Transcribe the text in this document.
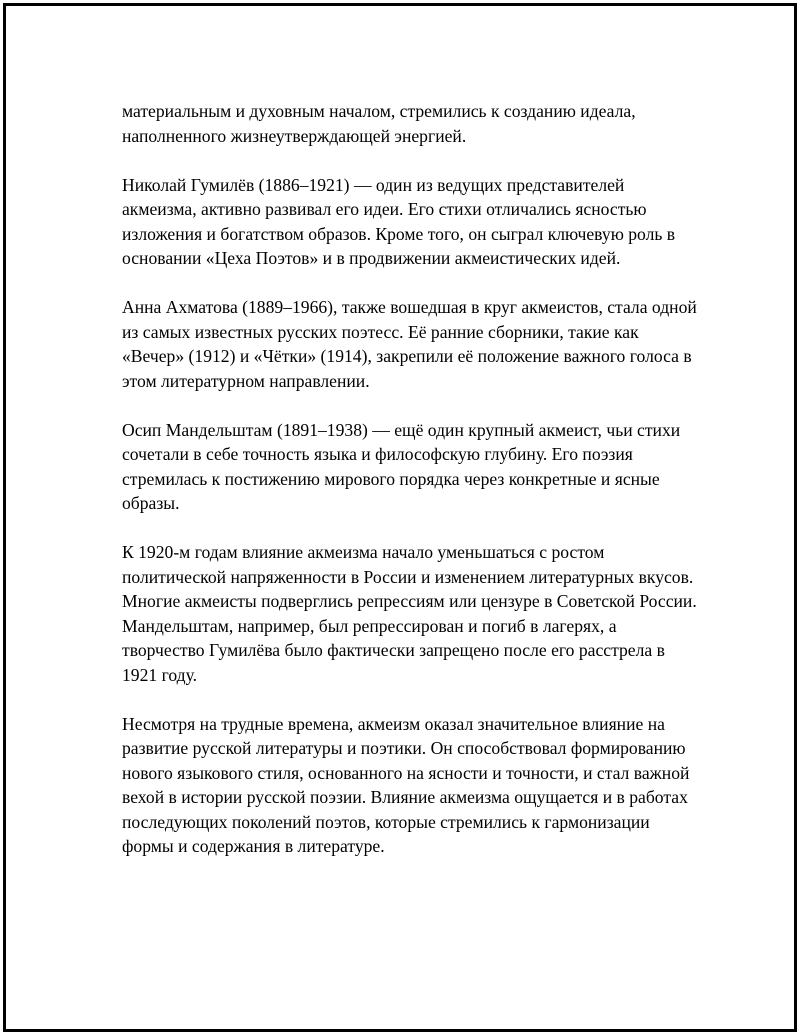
материальным и духовным началом, стремились к созданию идеала, наполненного жизнеутверждающей энергией.

Николай Гумилёв (1886–1921) — один из ведущих представителей акмеизма, активно развивал его идеи. Его стихи отличались ясностью изложения и богатством образов. Кроме того, он сыграл ключевую роль в основании «Цеха Поэтов» и в продвижении акмеистических идей.

Анна Ахматова (1889–1966), также вошедшая в круг акмеистов, стала одной из самых известных русских поэтесс. Её ранние сборники, такие как «Вечер» (1912) и «Чётки» (1914), закрепили её положение важного голоса в этом литературном направлении.

Осип Мандельштам (1891–1938) — ещё один крупный акмеист, чьи стихи сочетали в себе точность языка и философскую глубину. Его поэзия стремилась к постижению мирового порядка через конкретные и ясные образы.

К 1920-м годам влияние акмеизма начало уменьшаться с ростом политической напряженности в России и изменением литературных вкусов. Многие акмеисты подверглись репрессиям или цензуре в Советской России. Мандельштам, например, был репрессирован и погиб в лагерях, а творчество Гумилёва было фактически запрещено после его расстрела в 1921 году.

Несмотря на трудные времена, акмеизм оказал значительное влияние на развитие русской литературы и поэтики. Он способствовал формированию нового языкового стиля, основанного на ясности и точности, и стал важной вехой в истории русской поэзии. Влияние акмеизма ощущается и в работах последующих поколений поэтов, которые стремились к гармонизации формы и содержания в литературе.
